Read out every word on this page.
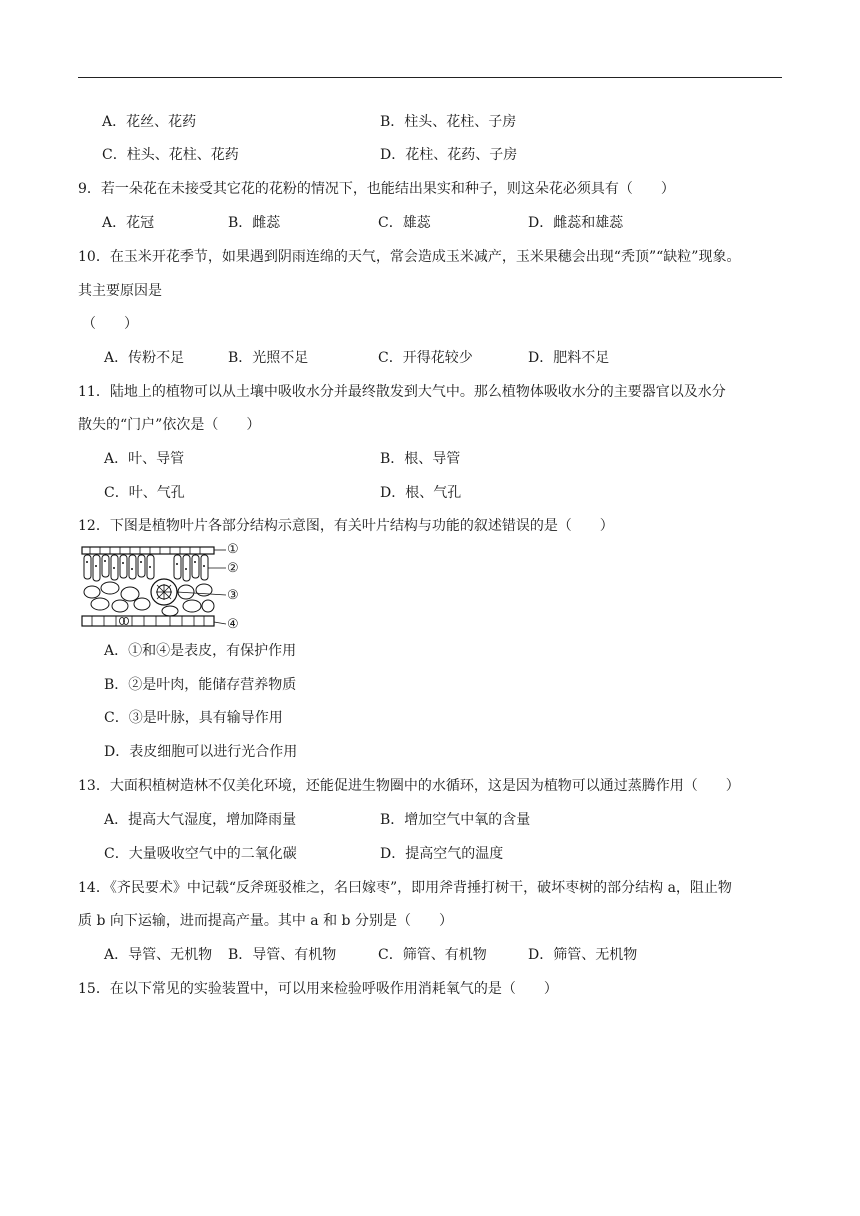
A．花丝、花药	B．柱头、花柱、子房
C．柱头、花柱、花药	D．花柱、花药、子房
9．若一朵花在未接受其它花的花粉的情况下，也能结出果实和种子，则这朵花必须具有（　　）
A．花冠	B．雌蕊	C．雄蕊	D．雌蕊和雄蕊
10．在玉米开花季节，如果遇到阴雨连绵的天气，常会造成玉米减产，玉米果穗会出现“秃顶”“缺粒”现象。
其主要原因是
（　　）
A．传粉不足	B．光照不足	C．开得花较少	D．肥料不足
11．陆地上的植物可以从土壤中吸收水分并最终散发到大气中。那么植物体吸收水分的主要器官以及水分
散失的“门户”依次是（　　）
A．叶、导管	B．根、导管
C．叶、气孔	D．根、气孔
12．下图是植物叶片各部分结构示意图，有关叶片结构与功能的叙述错误的是（　　）
①
②
③
④
A．①和④是表皮，有保护作用
B．②是叶肉，能储存营养物质
C．③是叶脉，具有输导作用
D．表皮细胞可以进行光合作用
13．大面积植树造林不仅美化环境，还能促进生物圈中的水循环，这是因为植物可以通过蒸腾作用（　　）
A．提高大气湿度，增加降雨量	B．增加空气中氧的含量
C．大量吸收空气中的二氧化碳	D．提高空气的温度
14．《齐民要术》中记载“反斧斑驳椎之，名曰嫁枣”，即用斧背捶打树干，破坏枣树的部分结构 a，阻止物
质 b 向下运输，进而提高产量。其中 a 和 b 分别是（　　）
A．导管、无机物 B．导管、有机物	C．筛管、有机物	D．筛管、无机物
15．在以下常见的实验装置中，可以用来检验呼吸作用消耗氧气的是（　　）
